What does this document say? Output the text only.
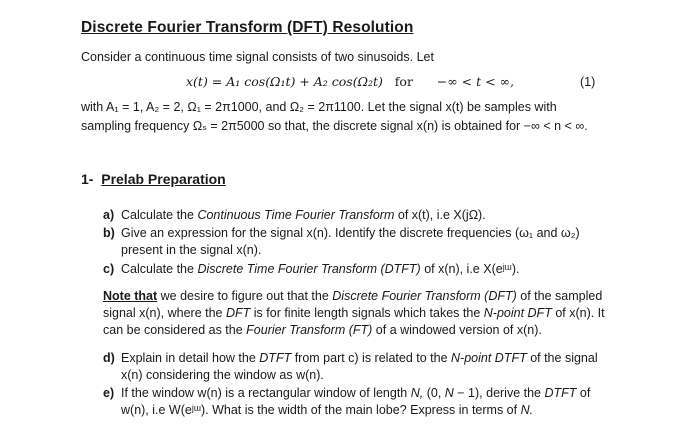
Discrete Fourier Transform (DFT) Resolution
Consider a continuous time signal consists of two sinusoids. Let
x(t) = A₁ cos(Ω₁t) + A₂ cos(Ω₂t) for −∞ < t < ∞,	(1)
with A₁ = 1, A₂ = 2, Ω₁ = 2π1000, and Ω₂ = 2π1100. Let the signal x(t) be samples with
sampling frequency Ωₛ = 2π5000 so that, the discrete signal x(n) is obtained for −∞ < n < ∞.
1- Prelab Preparation
a) Calculate the Continuous Time Fourier Transform of x(t), i.e X(jΩ).
b) Give an expression for the signal x(n). Identify the discrete frequencies (ω₁ and ω₂)
present in the signal x(n).
c) Calculate the Discrete Time Fourier Transform (DTFT) of x(n), i.e X(eʲᵚ).
Note that we desire to figure out that the Discrete Fourier Transform (DFT) of the sampled
signal x(n), where the DFT is for finite length signals which takes the N-point DFT of x(n). It
can be considered as the Fourier Transform (FT) of a windowed version of x(n).
d) Explain in detail how the DTFT from part c) is related to the N-point DTFT of the signal
x(n) considering the window as w(n).
e) If the window w(n) is a rectangular window of length N, (0, N − 1), derive the DTFT of
w(n), i.e W(eʲᵚ). What is the width of the main lobe? Express in terms of N.
